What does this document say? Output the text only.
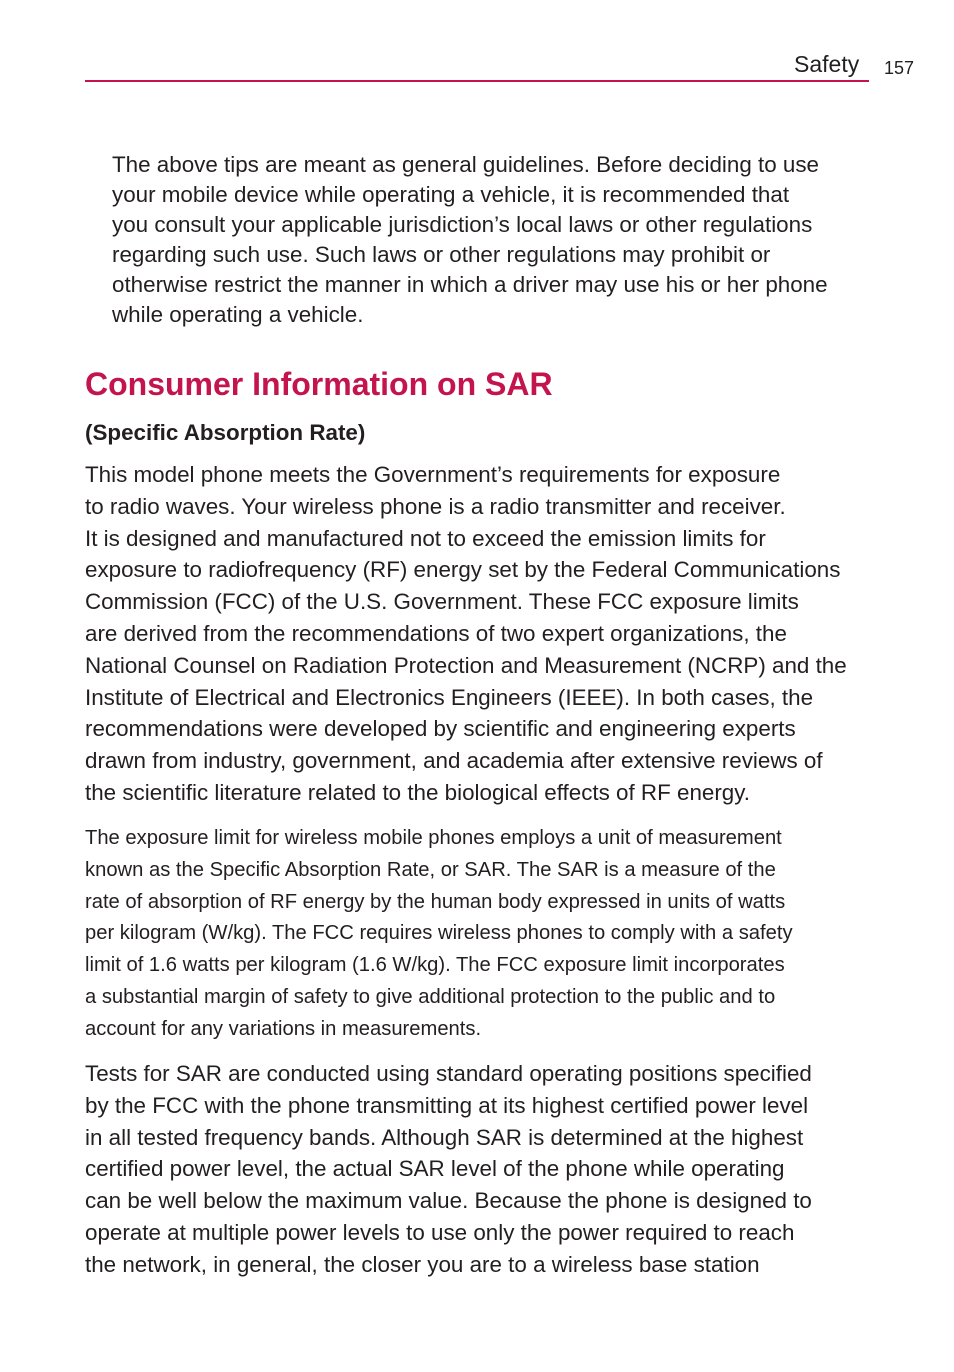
Safety 157
The above tips are meant as general guidelines. Before deciding to use
your mobile device while operating a vehicle, it is recommended that
you consult your applicable jurisdiction’s local laws or other regulations
regarding such use. Such laws or other regulations may prohibit or
otherwise restrict the manner in which a driver may use his or her phone
while operating a vehicle.
Consumer Information on SAR
(Specific Absorption Rate)
This model phone meets the Government’s requirements for exposure
to radio waves. Your wireless phone is a radio transmitter and receiver.
It is designed and manufactured not to exceed the emission limits for
exposure to radiofrequency (RF) energy set by the Federal Communications
Commission (FCC) of the U.S. Government. These FCC exposure limits
are derived from the recommendations of two expert organizations, the
National Counsel on Radiation Protection and Measurement (NCRP) and the
Institute of Electrical and Electronics Engineers (IEEE). In both cases, the
recommendations were developed by scientific and engineering experts
drawn from industry, government, and academia after extensive reviews of
the scientific literature related to the biological effects of RF energy.
The exposure limit for wireless mobile phones employs a unit of measurement
known as the Specific Absorption Rate, or SAR. The SAR is a measure of the
rate of absorption of RF energy by the human body expressed in units of watts
per kilogram (W/kg). The FCC requires wireless phones to comply with a safety
limit of 1.6 watts per kilogram (1.6 W/kg). The FCC exposure limit incorporates
a substantial margin of safety to give additional protection to the public and to
account for any variations in measurements.
Tests for SAR are conducted using standard operating positions specified
by the FCC with the phone transmitting at its highest certified power level
in all tested frequency bands. Although SAR is determined at the highest
certified power level, the actual SAR level of the phone while operating
can be well below the maximum value. Because the phone is designed to
operate at multiple power levels to use only the power required to reach
the network, in general, the closer you are to a wireless base station
